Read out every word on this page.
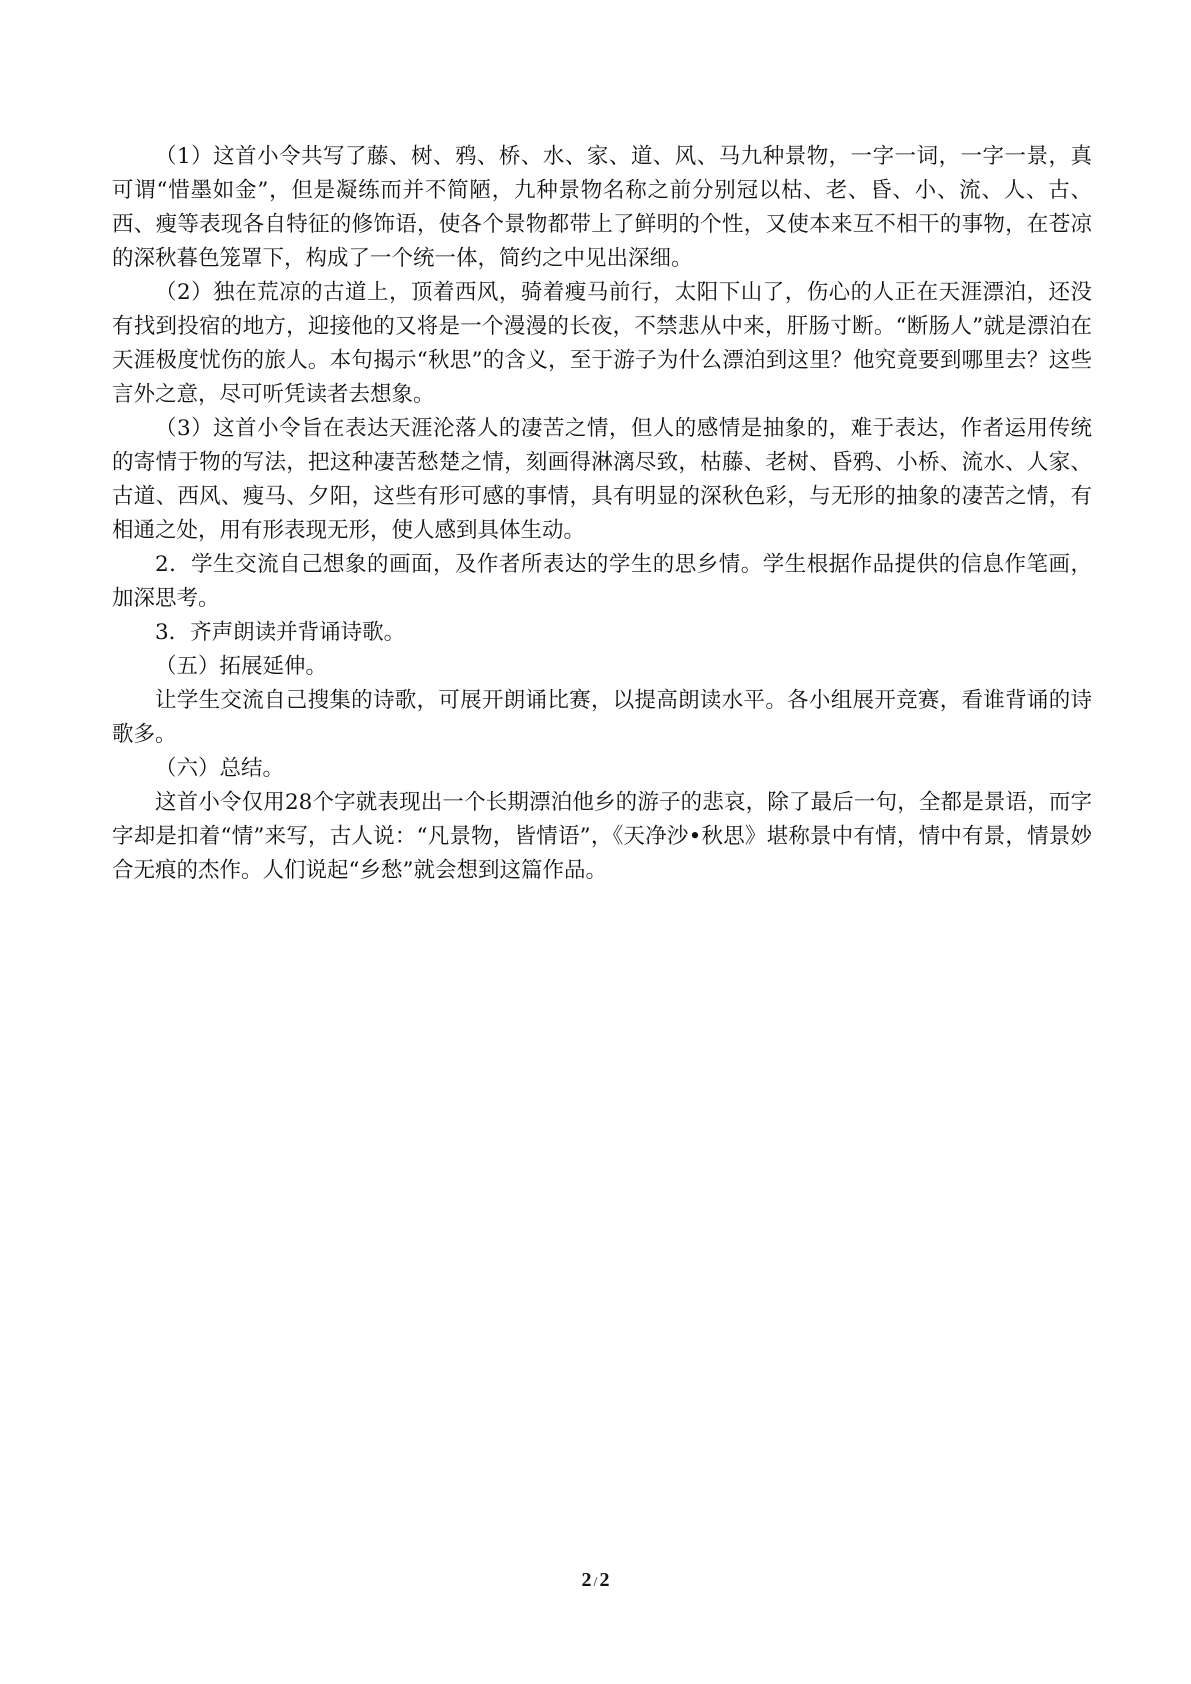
（1）这首小令共写了藤、树、鸦、桥、水、家、道、风、马九种景物，一字一词，一字一景，真可谓“惜墨如金”，但是凝练而并不简陋，九种景物名称之前分别冠以枯、老、昏、小、流、人、古、西、瘦等表现各自特征的修饰语，使各个景物都带上了鲜明的个性，又使本来互不相干的事物，在苍凉的深秋暮色笼罩下，构成了一个统一体，简约之中见出深细。

（2）独在荒凉的古道上，顶着西风，骑着瘦马前行，太阳下山了，伤心的人正在天涯漂泊，还没有找到投宿的地方，迎接他的又将是一个漫漫的长夜，不禁悲从中来，肝肠寸断。“断肠人”就是漂泊在天涯极度忧伤的旅人。本句揭示“秋思”的含义，至于游子为什么漂泊到这里？他究竟要到哪里去？这些言外之意，尽可听凭读者去想象。

（3）这首小令旨在表达天涯沦落人的凄苦之情，但人的感情是抽象的，难于表达，作者运用传统的寄情于物的写法，把这种凄苦愁楚之情，刻画得淋漓尽致，枯藤、老树、昏鸦、小桥、流水、人家、古道、西风、瘦马、夕阳，这些有形可感的事情，具有明显的深秋色彩，与无形的抽象的凄苦之情，有相通之处，用有形表现无形，使人感到具体生动。

2．学生交流自己想象的画面，及作者所表达的学生的思乡情。学生根据作品提供的信息作笔画，加深思考。

3．齐声朗读并背诵诗歌。

（五）拓展延伸。

让学生交流自己搜集的诗歌，可展开朗诵比赛，以提高朗读水平。各小组展开竞赛，看谁背诵的诗歌多。

（六）总结。

这首小令仅用28个字就表现出一个长期漂泊他乡的游子的悲哀，除了最后一句，全都是景语，而字字却是扣着“情”来写，古人说：“凡景物，皆情语”，《天净沙•秋思》堪称景中有情，情中有景，情景妙合无痕的杰作。人们说起“乡愁”就会想到这篇作品。

2 / 2
